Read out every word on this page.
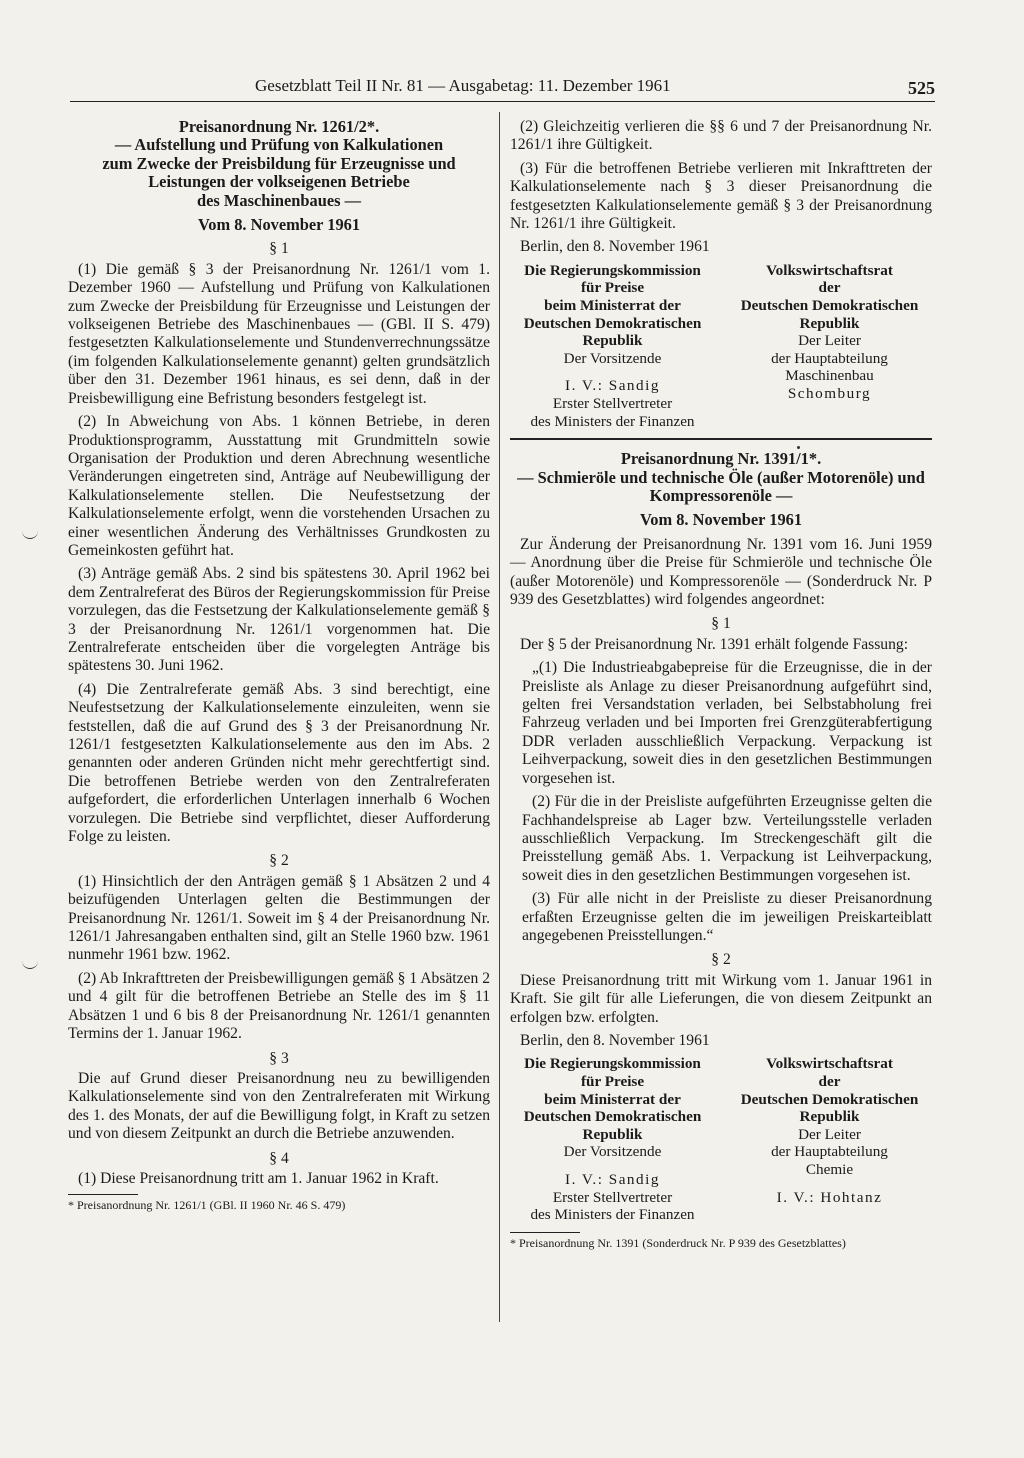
Gesetzblatt Teil II Nr. 81 — Ausgabetag: 11. Dezember 1961	525
Preisanordnung Nr. 1261/2*.
— Aufstellung und Prüfung von Kalkulationen
zum Zwecke der Preisbildung für Erzeugnisse und
Leistungen der volkseigenen Betriebe
des Maschinenbaues —
Vom 8. November 1961
§ 1

(1) Die gemäß § 3 der Preisanordnung Nr. 1261/1 vom 1. Dezember 1960 — Aufstellung und Prüfung von Kalkulationen zum Zwecke der Preisbildung für Erzeugnisse und Leistungen der volkseigenen Betriebe des Maschinenbaues — (GBl. II S. 479) festgesetzten Kalkulationselemente und Stundenverrechnungssätze (im folgenden Kalkulationselemente genannt) gelten grundsätzlich über den 31. Dezember 1961 hinaus, es sei denn, daß in der Preisbewilligung eine Befristung besonders festgelegt ist.

(2) In Abweichung von Abs. 1 können Betriebe, in deren Produktionsprogramm, Ausstattung mit Grundmitteln sowie Organisation der Produktion und deren Abrechnung wesentliche Veränderungen eingetreten sind, Anträge auf Neubewilligung der Kalkulationselemente stellen. Die Neufestsetzung der Kalkulationselemente erfolgt, wenn die vorstehenden Ursachen zu einer wesentlichen Änderung des Verhältnisses Grundkosten zu Gemeinkosten geführt hat.

(3) Anträge gemäß Abs. 2 sind bis spätestens 30. April 1962 bei dem Zentralreferat des Büros der Regierungskommission für Preise vorzulegen, das die Festsetzung der Kalkulationselemente gemäß § 3 der Preisanordnung Nr. 1261/1 vorgenommen hat. Die Zentralreferate entscheiden über die vorgelegten Anträge bis spätestens 30. Juni 1962.

(4) Die Zentralreferate gemäß Abs. 3 sind berechtigt, eine Neufestsetzung der Kalkulationselemente einzuleiten, wenn sie feststellen, daß die auf Grund des § 3 der Preisanordnung Nr. 1261/1 festgesetzten Kalkulationselemente aus den im Abs. 2 genannten oder anderen Gründen nicht mehr gerechtfertigt sind. Die betroffenen Betriebe werden von den Zentralreferaten aufgefordert, die erforderlichen Unterlagen innerhalb 6 Wochen vorzulegen. Die Betriebe sind verpflichtet, dieser Aufforderung Folge zu leisten.

§ 2

(1) Hinsichtlich der den Anträgen gemäß § 1 Absätzen 2 und 4 beizufügenden Unterlagen gelten die Bestimmungen der Preisanordnung Nr. 1261/1. Soweit im § 4 der Preisanordnung Nr. 1261/1 Jahresangaben enthalten sind, gilt an Stelle 1960 bzw. 1961 nunmehr 1961 bzw. 1962.

(2) Ab Inkrafttreten der Preisbewilligungen gemäß § 1 Absätzen 2 und 4 gilt für die betroffenen Betriebe an Stelle des im § 11 Absätzen 1 und 6 bis 8 der Preisanordnung Nr. 1261/1 genannten Termins der 1. Januar 1962.

§ 3

Die auf Grund dieser Preisanordnung neu zu bewilligenden Kalkulationselemente sind von den Zentralreferaten mit Wirkung des 1. des Monats, der auf die Bewilligung folgt, in Kraft zu setzen und von diesem Zeitpunkt an durch die Betriebe anzuwenden.

§ 4

(1) Diese Preisanordnung tritt am 1. Januar 1962 in Kraft.

* Preisanordnung Nr. 1261/1 (GBl. II 1960 Nr. 46 S. 479)

(2) Gleichzeitig verlieren die §§ 6 und 7 der Preisanordnung Nr. 1261/1 ihre Gültigkeit.

(3) Für die betroffenen Betriebe verlieren mit Inkrafttreten der Kalkulationselemente nach § 3 dieser Preisanordnung die festgesetzten Kalkulationselemente gemäß § 3 der Preisanordnung Nr. 1261/1 ihre Gültigkeit.

Berlin, den 8. November 1961

Die Regierungskommission
für Preise
beim Ministerrat der
Deutschen Demokratischen
Republik
Der Vorsitzende
I. V.: Sandig
Erster Stellvertreter
des Ministers der Finanzen
Volkswirtschaftsrat
der
Deutschen Demokratischen
Republik
Der Leiter
der Hauptabteilung
Maschinenbau
Schomburg
Preisanordnung Nr. 1391/1*.
— Schmieröle und technische Öle (außer Motorenöle) und Kompressorenöle —
Vom 8. November 1961

Zur Änderung der Preisanordnung Nr. 1391 vom 16. Juni 1959 — Anordnung über die Preise für Schmieröle und technische Öle (außer Motorenöle) und Kompressorenöle — (Sonderdruck Nr. P 939 des Gesetzblattes) wird folgendes angeordnet:

§ 1

Der § 5 der Preisanordnung Nr. 1391 erhält folgende Fassung:

„(1) Die Industrieabgabepreise für die Erzeugnisse, die in der Preisliste als Anlage zu dieser Preisanordnung aufgeführt sind, gelten frei Versandstation verladen, bei Selbstabholung frei Fahrzeug verladen und bei Importen frei Grenzgüterabfertigung DDR verladen ausschließlich Verpackung. Verpackung ist Leihverpackung, soweit dies in den gesetzlichen Bestimmungen vorgesehen ist.

(2) Für die in der Preisliste aufgeführten Erzeugnisse gelten die Fachhandelspreise ab Lager bzw. Verteilungsstelle verladen ausschließlich Verpackung. Im Streckengeschäft gilt die Preisstellung gemäß Abs. 1. Verpackung ist Leihverpackung, soweit dies in den gesetzlichen Bestimmungen vorgesehen ist.

(3) Für alle nicht in der Preisliste zu dieser Preisanordnung erfaßten Erzeugnisse gelten die im jeweiligen Preiskarteiblatt angegebenen Preisstellungen.“

§ 2

Diese Preisanordnung tritt mit Wirkung vom 1. Januar 1961 in Kraft. Sie gilt für alle Lieferungen, die von diesem Zeitpunkt an erfolgen bzw. erfolgten.

Berlin, den 8. November 1961

Die Regierungskommission
für Preise
beim Ministerrat der
Deutschen Demokratischen
Republik
Der Vorsitzende
I. V.: Sandig
Erster Stellvertreter
des Ministers der Finanzen
Volkswirtschaftsrat
der
Deutschen Demokratischen
Republik
Der Leiter
der Hauptabteilung
Chemie
I. V.: Hohtanz

* Preisanordnung Nr. 1391 (Sonderdruck Nr. P 939 des Gesetzblattes)
